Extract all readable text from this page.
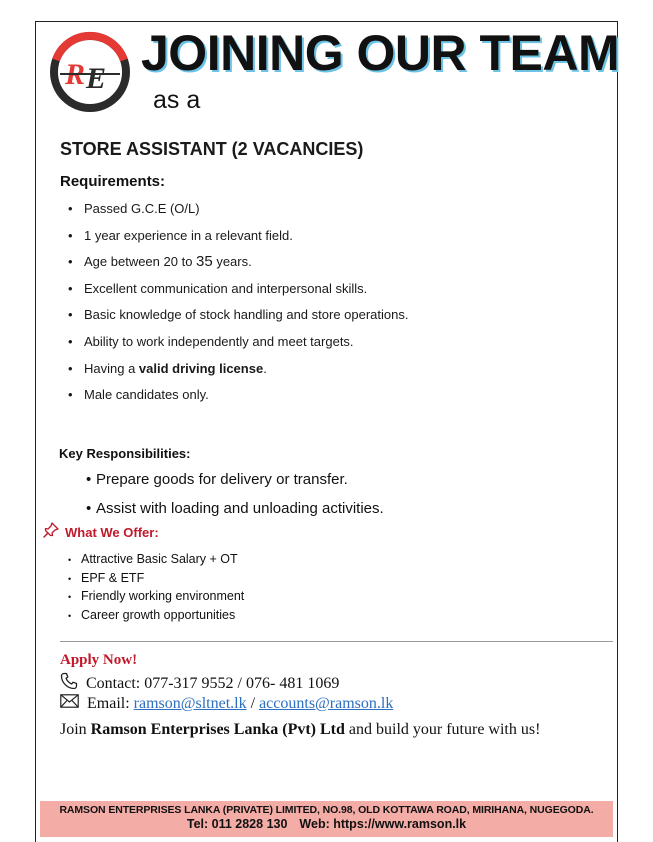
R E JOINING OUR TEAM
as a
STORE ASSISTANT (2 VACANCIES)
Requirements:
• Passed G.C.E (O/L)
• 1 year experience in a relevant field.
• Age between 20 to 35 years.
• Excellent communication and interpersonal skills.
• Basic knowledge of stock handling and store operations.
• Ability to work independently and meet targets.
• Having a valid driving license.
• Male candidates only.
Key Responsibilities:
• Prepare goods for delivery or transfer.
• Assist with loading and unloading activities.
What We Offer:
• Attractive Basic Salary + OT
• EPF & ETF
• Friendly working environment
• Career growth opportunities
Apply Now!
Contact: 077-317 9552 / 076- 481 1069
Email: ramson@sltnet.lk / accounts@ramson.lk
Join Ramson Enterprises Lanka (Pvt) Ltd and build your future with us!
RAMSON ENTERPRISES LANKA (PRIVATE) LIMITED, NO.98, OLD KOTTAWA ROAD, MIRIHANA, NUGEGODA.
Tel: 011 2828 130 Web: https://www.ramson.lk
